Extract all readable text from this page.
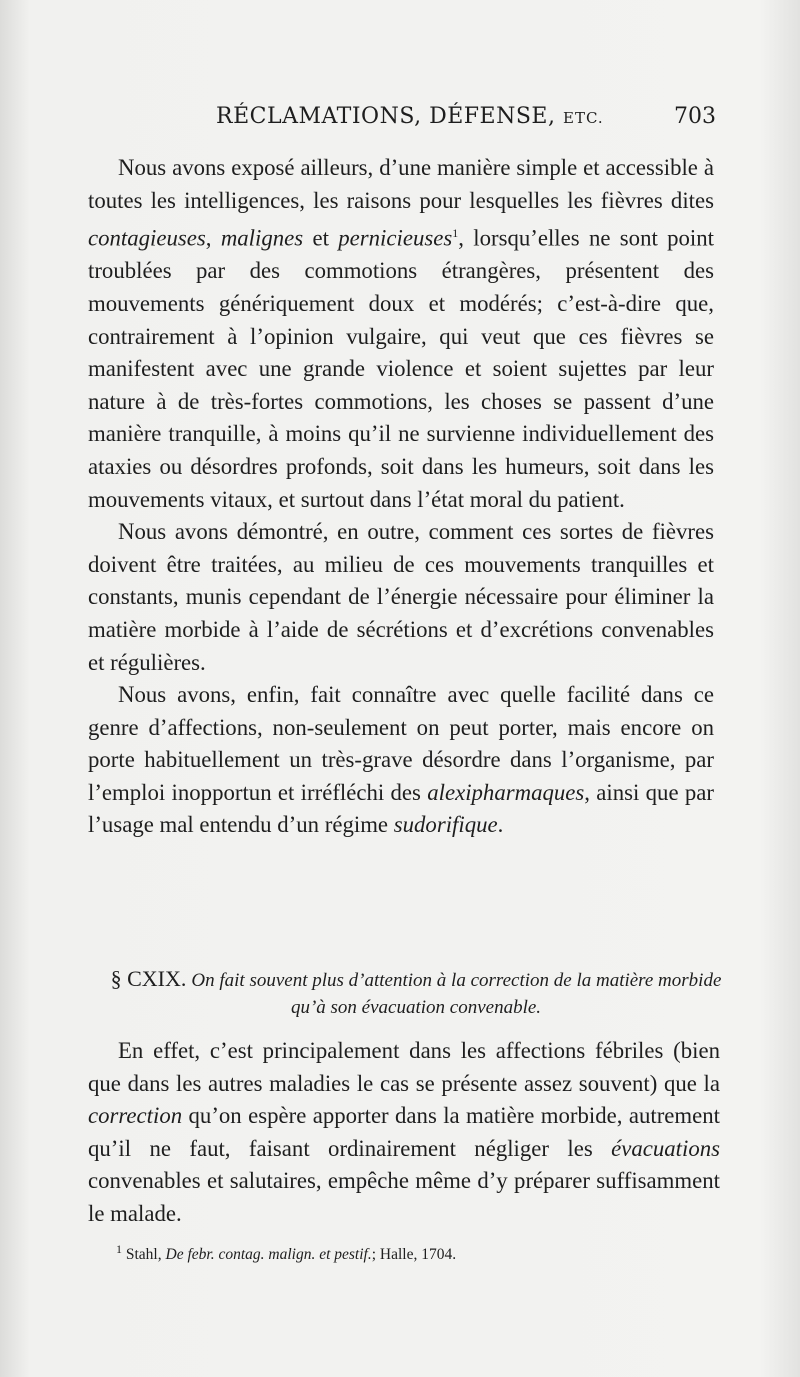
RÉCLAMATIONS, DÉFENSE, ETC.	703

Nous avons exposé ailleurs, d’une manière simple et accessible à toutes les intelligences, les raisons pour lesquelles les fièvres dites contagieuses, malignes et pernicieuses$^1$, lorsqu’elles ne sont point troublées par des commotions étrangères, présentent des mouvements génériquement doux et modérés; c’est-à-dire que, contrairement à l’opinion vulgaire, qui veut que ces fièvres se manifestent avec une grande violence et soient sujettes par leur nature à de très-fortes commotions, les choses se passent d’une manière tranquille, à moins qu’il ne survienne individuellement des ataxies ou désordres profonds, soit dans les humeurs, soit dans les mouvements vitaux, et surtout dans l’état moral du patient.

Nous avons démontré, en outre, comment ces sortes de fièvres doivent être traitées, au milieu de ces mouvements tranquilles et constants, munis cependant de l’énergie nécessaire pour éliminer la matière morbide à l’aide de sécrétions et d’excrétions convenables et régulières.

Nous avons, enfin, fait connaître avec quelle facilité dans ce genre d’affections, non-seulement on peut porter, mais encore on porte habituellement un très-grave désordre dans l’organisme, par l’emploi inopportun et irréfléchi des alexipharmaques, ainsi que par l’usage mal entendu d’un régime sudorifique.

§ CXIX. On fait souvent plus d’attention à la correction de la matière morbide qu’à son évacuation convenable.

En effet, c’est principalement dans les affections fébriles (bien que dans les autres maladies le cas se présente assez souvent) que la correction qu’on espère apporter dans la matière morbide, autrement qu’il ne faut, faisant ordinairement négliger les évacuations convenables et salutaires, empêche même d’y préparer suffisamment le malade.

$^1$ Stahl, De febr. contag. malign. et pestif.; Halle, 1704.
